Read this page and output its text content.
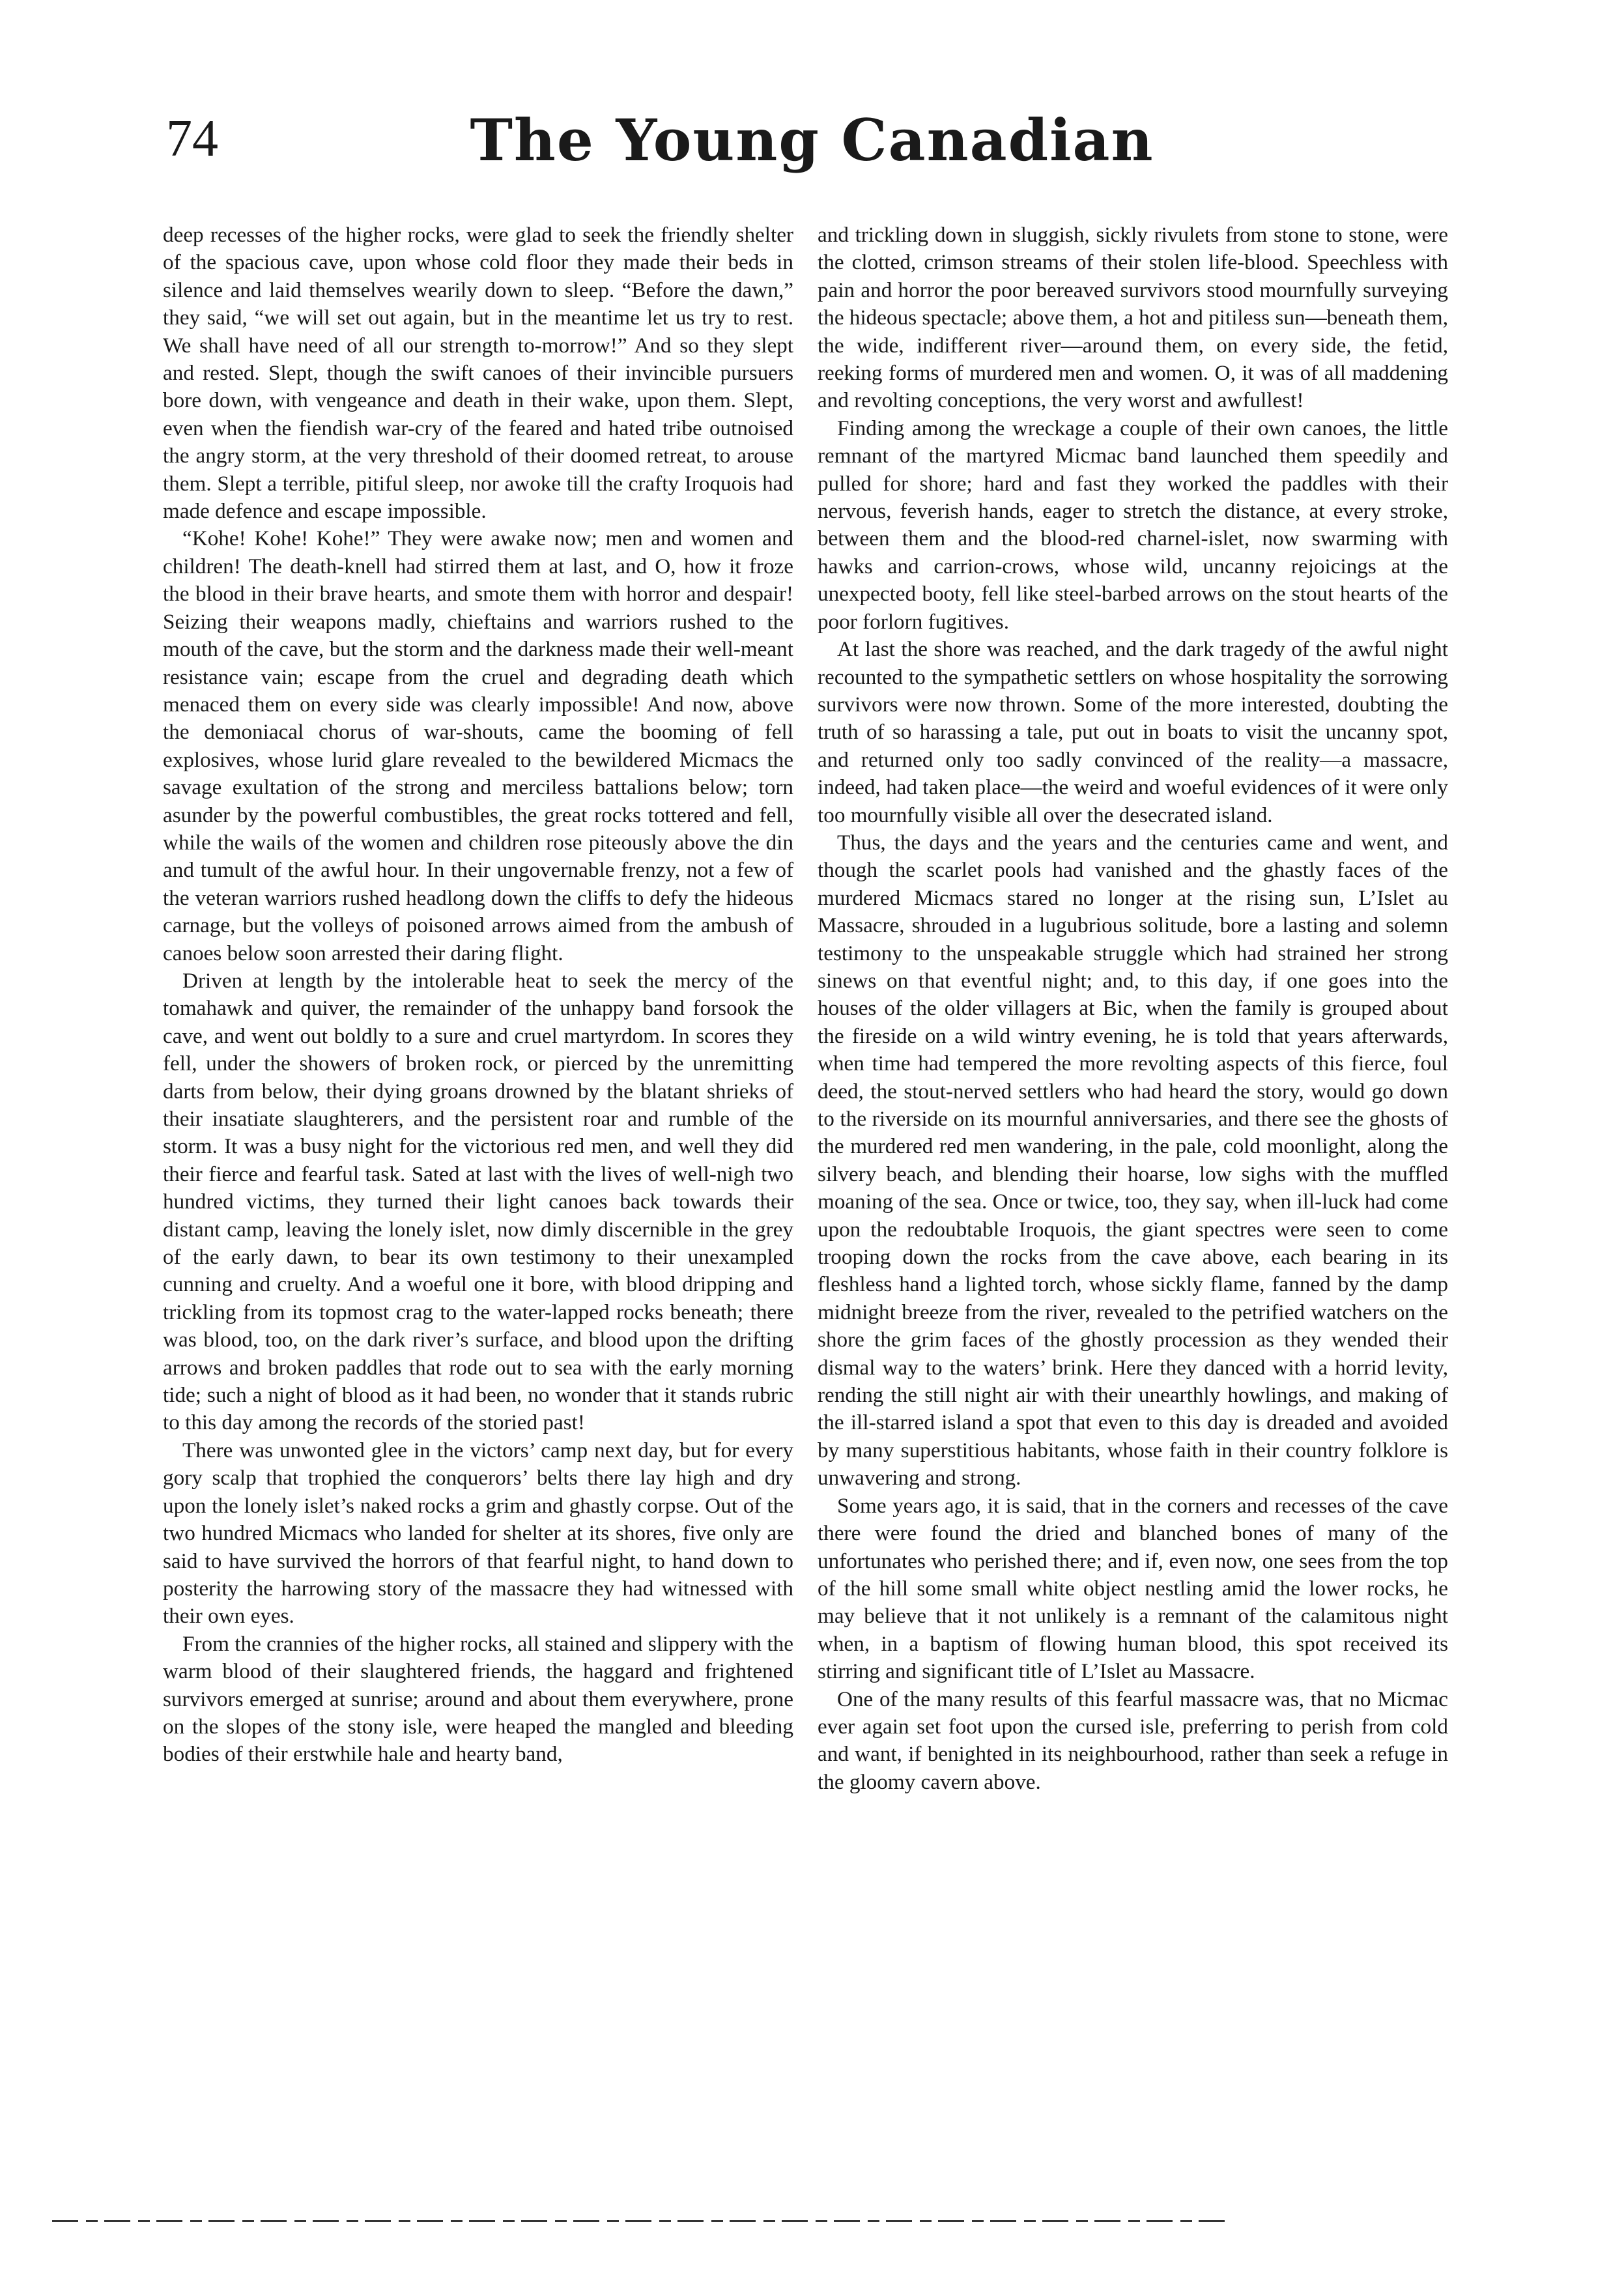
74	The Young Canadian

deep recesses of the higher rocks, were glad to seek the friendly shelter of the spacious cave, upon whose cold floor they made their beds in silence and laid themselves wearily down to sleep. “Before the dawn,” they said, “we will set out again, but in the meantime let us try to rest. We shall have need of all our strength to-morrow!” And so they slept and rested. Slept, though the swift canoes of their invincible pursuers bore down, with vengeance and death in their wake, upon them. Slept, even when the fiendish war-cry of the feared and hated tribe outnoised the angry storm, at the very threshold of their doomed retreat, to arouse them. Slept a terrible, pitiful sleep, nor awoke till the crafty Iroquois had made defence and escape impossible.

“Kohe! Kohe! Kohe!” They were awake now; men and women and children! The death-knell had stirred them at last, and O, how it froze the blood in their brave hearts, and smote them with horror and despair! Seizing their weapons madly, chieftains and warriors rushed to the mouth of the cave, but the storm and the darkness made their well-meant resistance vain; escape from the cruel and degrading death which menaced them on every side was clearly impossible! And now, above the demoniacal chorus of war-shouts, came the booming of fell explosives, whose lurid glare revealed to the bewildered Micmacs the savage exultation of the strong and merciless battalions below; torn asunder by the powerful combustibles, the great rocks tottered and fell, while the wails of the women and children rose piteously above the din and tumult of the awful hour. In their ungovernable frenzy, not a few of the veteran warriors rushed headlong down the cliffs to defy the hideous carnage, but the volleys of poisoned arrows aimed from the ambush of canoes below soon arrested their daring flight.

Driven at length by the intolerable heat to seek the mercy of the tomahawk and quiver, the remainder of the unhappy band forsook the cave, and went out boldly to a sure and cruel martyrdom. In scores they fell, under the showers of broken rock, or pierced by the unremitting darts from below, their dying groans drowned by the blatant shrieks of their insatiate slaughterers, and the persistent roar and rumble of the storm. It was a busy night for the victorious red men, and well they did their fierce and fearful task. Sated at last with the lives of well-nigh two hundred victims, they turned their light canoes back towards their distant camp, leaving the lonely islet, now dimly discernible in the grey of the early dawn, to bear its own testimony to their unexampled cunning and cruelty. And a woeful one it bore, with blood dripping and trickling from its topmost crag to the water-lapped rocks beneath; there was blood, too, on the dark river’s surface, and blood upon the drifting arrows and broken paddles that rode out to sea with the early morning tide; such a night of blood as it had been, no wonder that it stands rubric to this day among the records of the storied past!

There was unwonted glee in the victors’ camp next day, but for every gory scalp that trophied the conquerors’ belts there lay high and dry upon the lonely islet’s naked rocks a grim and ghastly corpse. Out of the two hundred Micmacs who landed for shelter at its shores, five only are said to have survived the horrors of that fearful night, to hand down to posterity the harrowing story of the massacre they had witnessed with their own eyes.

From the crannies of the higher rocks, all stained and slippery with the warm blood of their slaughtered friends, the haggard and frightened survivors emerged at sunrise; around and about them everywhere, prone on the slopes of the stony isle, were heaped the mangled and bleeding bodies of their erstwhile hale and hearty band,

and trickling down in sluggish, sickly rivulets from stone to stone, were the clotted, crimson streams of their stolen life-blood. Speechless with pain and horror the poor bereaved survivors stood mournfully surveying the hideous spectacle; above them, a hot and pitiless sun—beneath them, the wide, indifferent river—around them, on every side, the fetid, reeking forms of murdered men and women. O, it was of all maddening and revolting conceptions, the very worst and awfullest!

Finding among the wreckage a couple of their own canoes, the little remnant of the martyred Micmac band launched them speedily and pulled for shore; hard and fast they worked the paddles with their nervous, feverish hands, eager to stretch the distance, at every stroke, between them and the blood-red charnel-islet, now swarming with hawks and carrion-crows, whose wild, uncanny rejoicings at the unexpected booty, fell like steel-barbed arrows on the stout hearts of the poor forlorn fugitives.

At last the shore was reached, and the dark tragedy of the awful night recounted to the sympathetic settlers on whose hospitality the sorrowing survivors were now thrown. Some of the more interested, doubting the truth of so harassing a tale, put out in boats to visit the uncanny spot, and returned only too sadly convinced of the reality—a massacre, indeed, had taken place—the weird and woeful evidences of it were only too mournfully visible all over the desecrated island.

Thus, the days and the years and the centuries came and went, and though the scarlet pools had vanished and the ghastly faces of the murdered Micmacs stared no longer at the rising sun, L’Islet au Massacre, shrouded in a lugubrious solitude, bore a lasting and solemn testimony to the unspeakable struggle which had strained her strong sinews on that eventful night; and, to this day, if one goes into the houses of the older villagers at Bic, when the family is grouped about the fireside on a wild wintry evening, he is told that years afterwards, when time had tempered the more revolting aspects of this fierce, foul deed, the stout-nerved settlers who had heard the story, would go down to the riverside on its mournful anniversaries, and there see the ghosts of the murdered red men wandering, in the pale, cold moonlight, along the silvery beach, and blending their hoarse, low sighs with the muffled moaning of the sea. Once or twice, too, they say, when ill-luck had come upon the redoubtable Iroquois, the giant spectres were seen to come trooping down the rocks from the cave above, each bearing in its fleshless hand a lighted torch, whose sickly flame, fanned by the damp midnight breeze from the river, revealed to the petrified watchers on the shore the grim faces of the ghostly procession as they wended their dismal way to the waters’ brink. Here they danced with a horrid levity, rending the still night air with their unearthly howlings, and making of the ill-starred island a spot that even to this day is dreaded and avoided by many superstitious habitants, whose faith in their country folklore is unwavering and strong.

Some years ago, it is said, that in the corners and recesses of the cave there were found the dried and blanched bones of many of the unfortunates who perished there; and if, even now, one sees from the top of the hill some small white object nestling amid the lower rocks, he may believe that it not unlikely is a remnant of the calamitous night when, in a baptism of flowing human blood, this spot received its stirring and significant title of L’Islet au Massacre.

One of the many results of this fearful massacre was, that no Micmac ever again set foot upon the cursed isle, preferring to perish from cold and want, if benighted in its neighbourhood, rather than seek a refuge in the gloomy cavern above.
